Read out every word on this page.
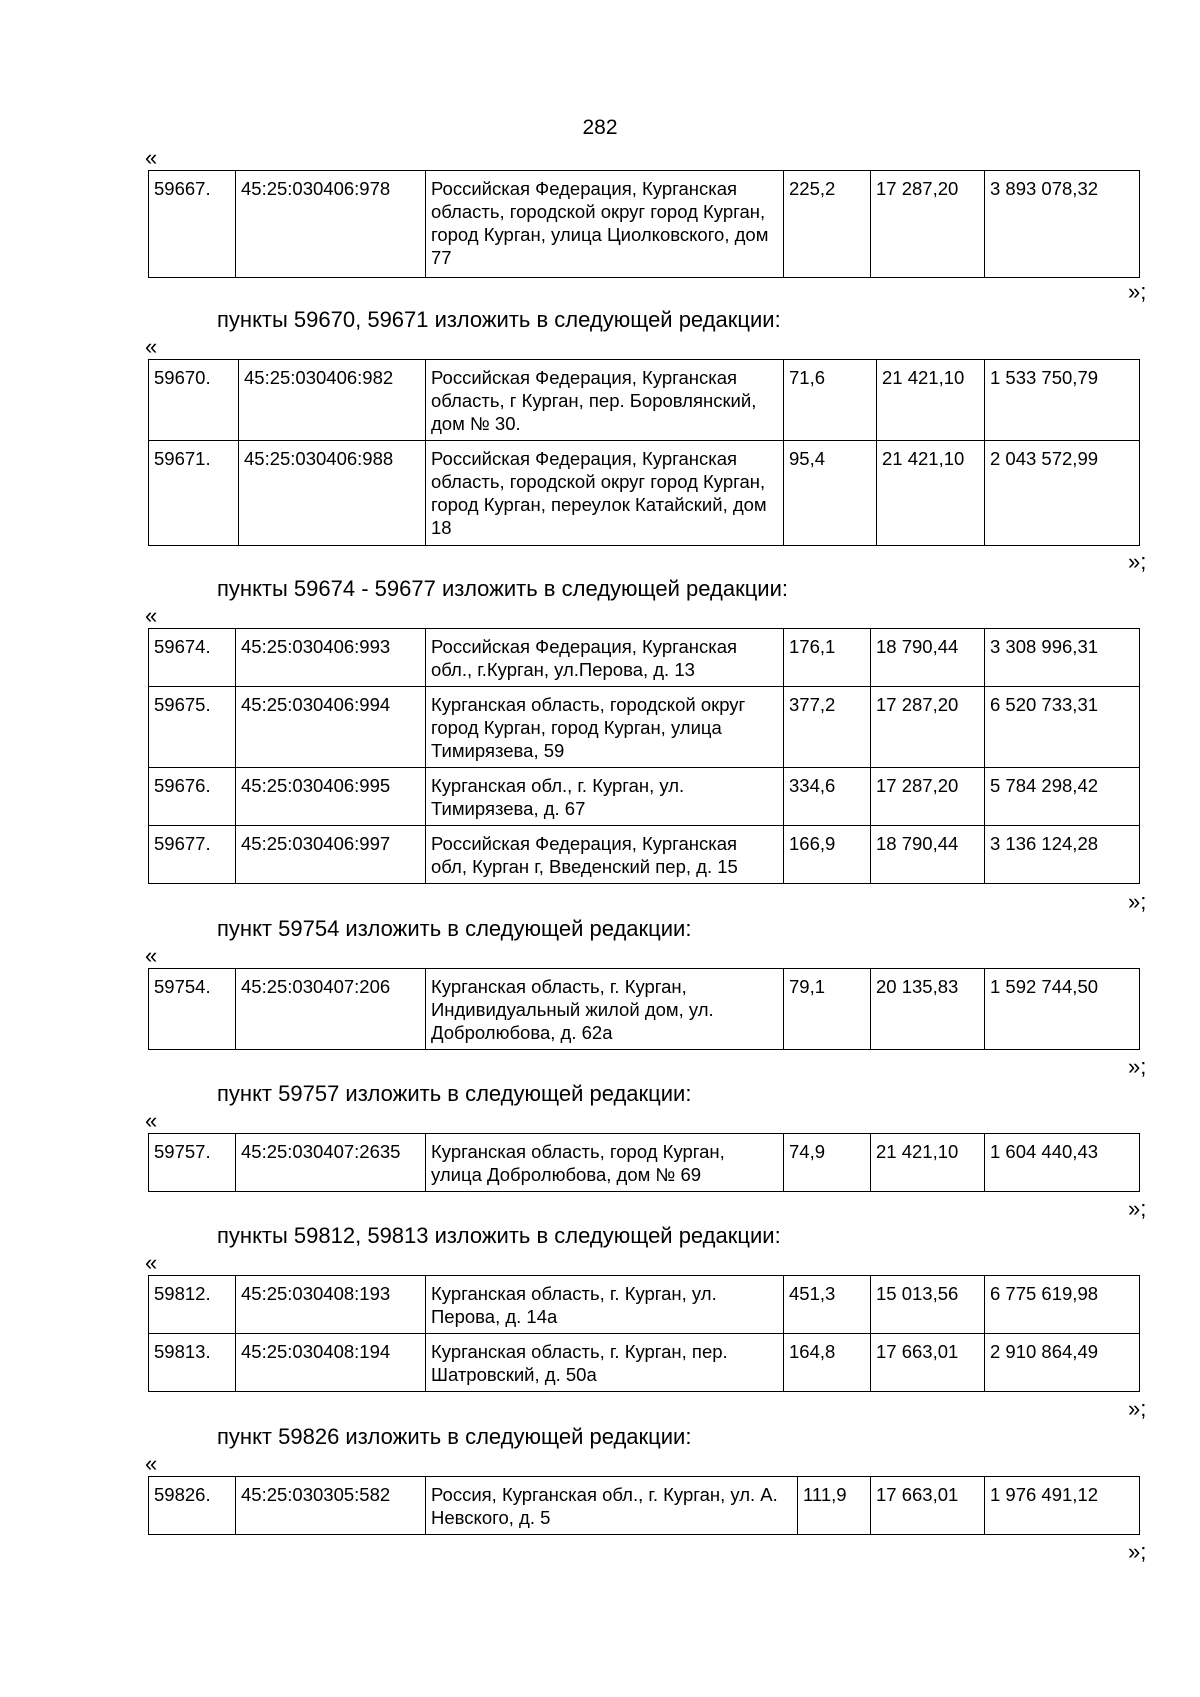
282
«
59667.	45:25:030406:978	Российская Федерация, Курганская область, городской округ город Курган, город Курган, улица Циолковского, дом 77	225,2	17 287,20	3 893 078,32
»;
пункты 59670, 59671 изложить в следующей редакции:
«
59670.	45:25:030406:982	Российская Федерация, Курганская область, г Курган, пер. Боровлянский, дом № 30.	71,6	21 421,10	1 533 750,79
59671.	45:25:030406:988	Российская Федерация, Курганская область, городской округ город Курган, город Курган, переулок Катайский, дом 18	95,4	21 421,10	2 043 572,99
»;
пункты 59674 - 59677 изложить в следующей редакции:
«
59674.	45:25:030406:993	Российская Федерация, Курганская обл., г.Курган, ул.Перова, д. 13	176,1	18 790,44	3 308 996,31
59675.	45:25:030406:994	Курганская область, городской округ город Курган, город Курган, улица Тимирязева, 59	377,2	17 287,20	6 520 733,31
59676.	45:25:030406:995	Курганская обл., г. Курган, ул. Тимирязева, д. 67	334,6	17 287,20	5 784 298,42
59677.	45:25:030406:997	Российская Федерация, Курганская обл, Курган г, Введенский пер, д. 15	166,9	18 790,44	3 136 124,28
»;
пункт 59754 изложить в следующей редакции:
«
59754.	45:25:030407:206	Курганская область, г. Курган, Индивидуальный жилой дом, ул. Добролюбова, д. 62а	79,1	20 135,83	1 592 744,50
»;
пункт 59757 изложить в следующей редакции:
«
59757.	45:25:030407:2635	Курганская область, город Курган, улица Добролюбова, дом № 69	74,9	21 421,10	1 604 440,43
»;
пункты 59812, 59813 изложить в следующей редакции:
«
59812.	45:25:030408:193	Курганская область, г. Курган, ул. Перова, д. 14а	451,3	15 013,56	6 775 619,98
59813.	45:25:030408:194	Курганская область, г. Курган, пер. Шатровский, д. 50а	164,8	17 663,01	2 910 864,49
»;
пункт 59826 изложить в следующей редакции:
«
59826.	45:25:030305:582	Россия, Курганская обл., г. Курган, ул. А. Невского, д. 5	111,9	17 663,01	1 976 491,12
»;
